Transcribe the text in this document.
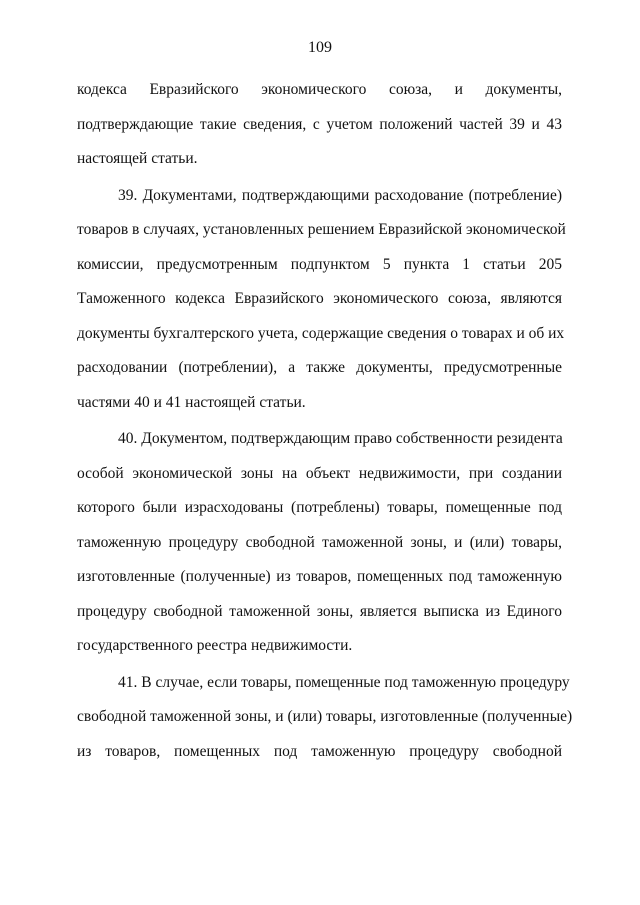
109
кодекса Евразийского экономического союза, и документы,
подтверждающие такие сведения, с учетом положений частей 39 и 43
настоящей статьи.
39. Документами, подтверждающими расходование (потребление)
товаров в случаях, установленных решением Евразийской экономической
комиссии, предусмотренным подпунктом 5 пункта 1 статьи 205
Таможенного кодекса Евразийского экономического союза, являются
документы бухгалтерского учета, содержащие сведения о товарах и об их
расходовании (потреблении), а также документы, предусмотренные
частями 40 и 41 настоящей статьи.
40. Документом, подтверждающим право собственности резидента
особой экономической зоны на объект недвижимости, при создании
которого были израсходованы (потреблены) товары, помещенные под
таможенную процедуру свободной таможенной зоны, и (или) товары,
изготовленные (полученные) из товаров, помещенных под таможенную
процедуру свободной таможенной зоны, является выписка из Единого
государственного реестра недвижимости.
41. В случае, если товары, помещенные под таможенную процедуру
свободной таможенной зоны, и (или) товары, изготовленные (полученные)
из товаров, помещенных под таможенную процедуру свободной
